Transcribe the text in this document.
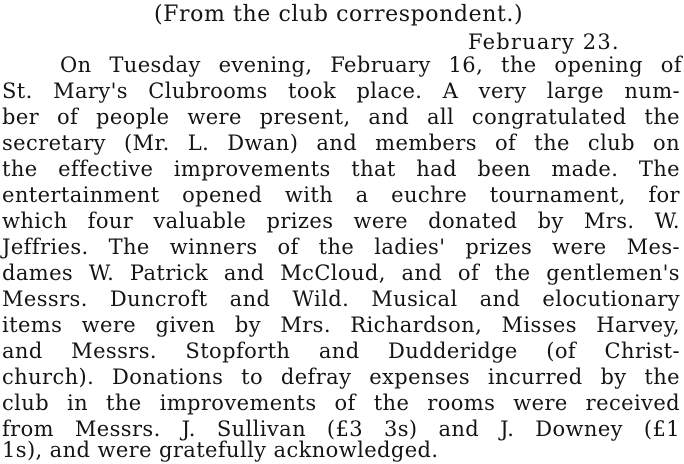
(From the club correspondent.)
February 23.
On Tuesday evening, February 16, the opening of
St. Mary's Clubrooms took place. A very large num-
ber of people were present, and all congratulated the
secretary (Mr. L. Dwan) and members of the club on
the effective improvements that had been made. The
entertainment opened with a euchre tournament, for
which four valuable prizes were donated by Mrs. W.
Jeffries. The winners of the ladies' prizes were Mes-
dames W. Patrick and McCloud, and of the gentlemen's
Messrs. Duncroft and Wild. Musical and elocutionary
items were given by Mrs. Richardson, Misses Harvey,
and Messrs. Stopforth and Dudderidge (of Christ-
church). Donations to defray expenses incurred by the
club in the improvements of the rooms were received
from Messrs. J. Sullivan (£3 3s) and J. Downey (£1
1s), and were gratefully acknowledged.
